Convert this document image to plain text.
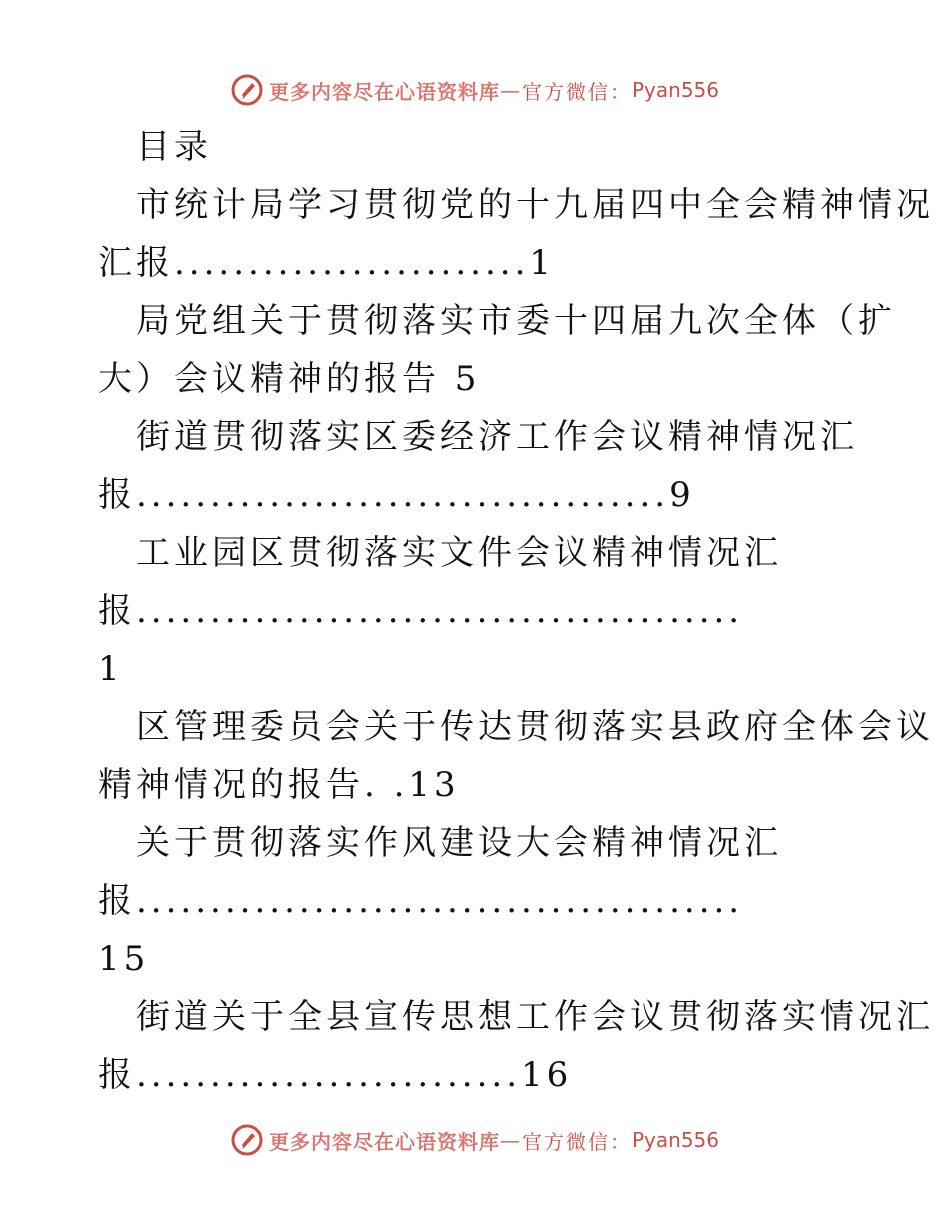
更多内容尽在心语资料库 — 官方微信： Pyan556
目录
市统计局学习贯彻党的十九届四中全会精神情况
汇报........................1
局党组关于贯彻落实市委十四届九次全体（扩
大）会议精神的报告 5
街道贯彻落实区委经济工作会议精神情况汇
报....................................9
工业园区贯彻落实文件会议精神情况汇
报.........................................
1
区管理委员会关于传达贯彻落实县政府全体会议
精神情况的报告. .13
关于贯彻落实作风建设大会精神情况汇
报.........................................
15
街道关于全县宣传思想工作会议贯彻落实情况汇
报..........................16
更多内容尽在心语资料库 — 官方微信： Pyan556
